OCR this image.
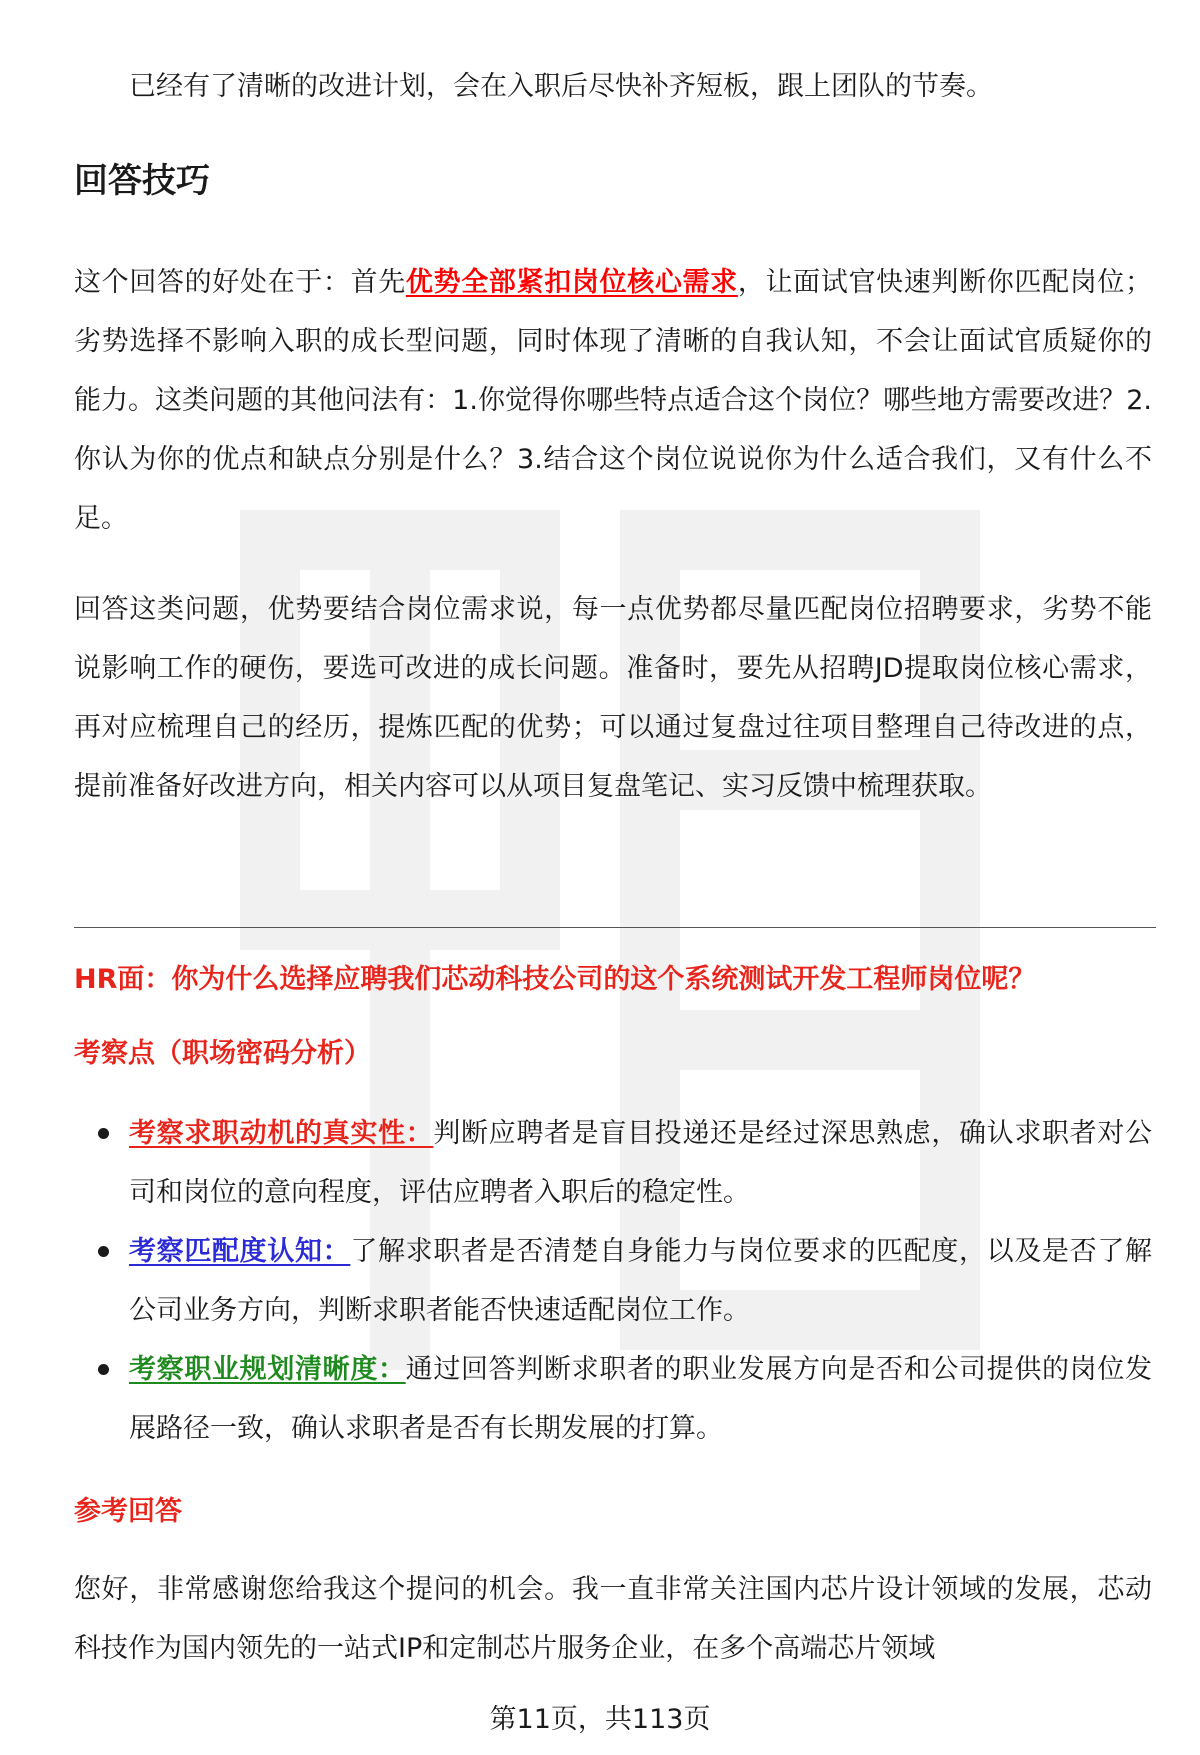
已经有了清晰的改进计划，会在入职后尽快补齐短板，跟上团队的节奏。

回答技巧

这个回答的好处在于：首先优势全部紧扣岗位核心需求，让面试官快速判断你匹配岗位；劣势选择不影响入职的成长型问题，同时体现了清晰的自我认知，不会让面试官质疑你的能力。这类问题的其他问法有：1.你觉得你哪些特点适合这个岗位？哪些地方需要改进？2.你认为你的优点和缺点分别是什么？3.结合这个岗位说说你为什么适合我们，又有什么不足。

回答这类问题，优势要结合岗位需求说，每一点优势都尽量匹配岗位招聘要求，劣势不能说影响工作的硬伤，要选可改进的成长问题。准备时，要先从招聘JD提取岗位核心需求，再对应梳理自己的经历，提炼匹配的优势；可以通过复盘过往项目整理自己待改进的点，提前准备好改进方向，相关内容可以从项目复盘笔记、实习反馈中梳理获取。

HR面：你为什么选择应聘我们芯动科技公司的这个系统测试开发工程师岗位呢？

考察点（职场密码分析）

考察求职动机的真实性：判断应聘者是盲目投递还是经过深思熟虑，确认求职者对公司和岗位的意向程度，评估应聘者入职后的稳定性。
考察匹配度认知：了解求职者是否清楚自身能力与岗位要求的匹配度，以及是否了解公司业务方向，判断求职者能否快速适配岗位工作。
考察职业规划清晰度：通过回答判断求职者的职业发展方向是否和公司提供的岗位发展路径一致，确认求职者是否有长期发展的打算。

参考回答

您好，非常感谢您给我这个提问的机会。我一直非常关注国内芯片设计领域的发展，芯动科技作为国内领先的一站式IP和定制芯片服务企业，在多个高端芯片领域

第11页，共113页
